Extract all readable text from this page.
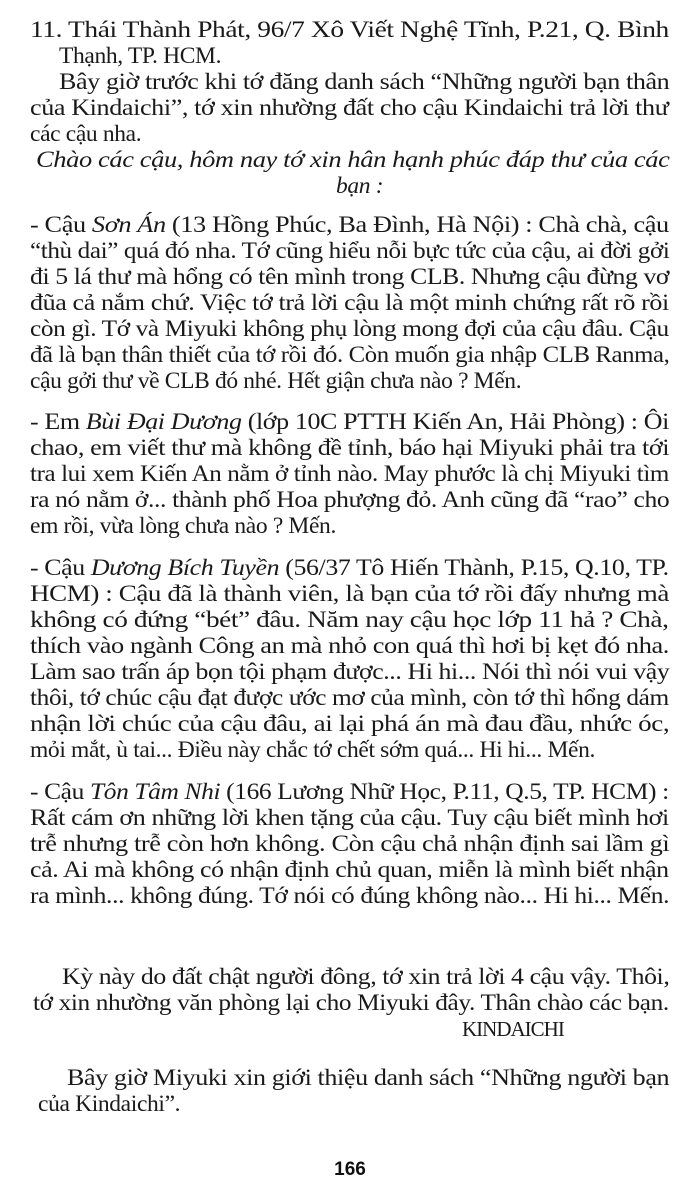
11. Thái Thành Phát, 96/7 Xô Viết Nghệ Tĩnh, P.21, Q. Bình
Thạnh, TP. HCM.
Bây giờ trước khi tớ đăng danh sách “Những người bạn thân
của Kindaichi”, tớ xin nhường đất cho cậu Kindaichi trả lời thư
các cậu nha.
Chào các cậu, hôm nay tớ xin hân hạnh phúc đáp thư của các
bạn :
- Cậu Sơn Án (13 Hồng Phúc, Ba Đình, Hà Nội) : Chà chà, cậu
“thù dai” quá đó nha. Tớ cũng hiểu nỗi bực tức của cậu, ai đời gởi
đi 5 lá thư mà hổng có tên mình trong CLB. Nhưng cậu đừng vơ
đũa cả nắm chứ. Việc tớ trả lời cậu là một minh chứng rất rõ rồi
còn gì. Tớ và Miyuki không phụ lòng mong đợi của cậu đâu. Cậu
đã là bạn thân thiết của tớ rồi đó. Còn muốn gia nhập CLB Ranma,
cậu gởi thư về CLB đó nhé. Hết giận chưa nào ? Mến.
- Em Bùi Đại Dương (lớp 10C PTTH Kiến An, Hải Phòng) : Ôi
chao, em viết thư mà không đề tỉnh, báo hại Miyuki phải tra tới
tra lui xem Kiến An nằm ở tỉnh nào. May phước là chị Miyuki tìm
ra nó nằm ở... thành phố Hoa phượng đỏ. Anh cũng đã “rao” cho
em rồi, vừa lòng chưa nào ? Mến.
- Cậu Dương Bích Tuyền (56/37 Tô Hiến Thành, P.15, Q.10, TP.
HCM) : Cậu đã là thành viên, là bạn của tớ rồi đấy nhưng mà
không có đứng “bét” đâu. Năm nay cậu học lớp 11 hả ? Chà,
thích vào ngành Công an mà nhỏ con quá thì hơi bị kẹt đó nha.
Làm sao trấn áp bọn tội phạm được... Hi hi... Nói thì nói vui vậy
thôi, tớ chúc cậu đạt được ước mơ của mình, còn tớ thì hổng dám
nhận lời chúc của cậu đâu, ai lại phá án mà đau đầu, nhức óc,
mỏi mắt, ù tai... Điều này chắc tớ chết sớm quá... Hi hi... Mến.
- Cậu Tôn Tâm Nhi (166 Lương Nhữ Học, P.11, Q.5, TP. HCM) :
Rất cám ơn những lời khen tặng của cậu. Tuy cậu biết mình hơi
trễ nhưng trễ còn hơn không. Còn cậu chả nhận định sai lầm gì
cả. Ai mà không có nhận định chủ quan, miễn là mình biết nhận
ra mình... không đúng. Tớ nói có đúng không nào... Hi hi... Mến.
Kỳ này do đất chật người đông, tớ xin trả lời 4 cậu vậy. Thôi,
tớ xin nhường văn phòng lại cho Miyuki đây. Thân chào các bạn.
KINDAICHI
Bây giờ Miyuki xin giới thiệu danh sách “Những người bạn
của Kindaichi”.
166
